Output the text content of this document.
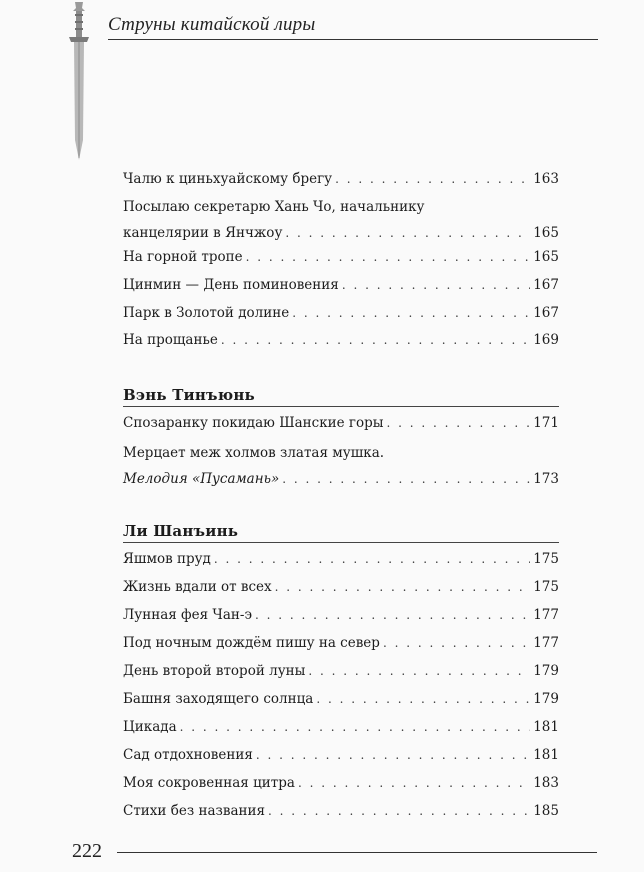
Струны китайской лиры
Чалю к циньхуайскому брегу . . .	163
Посылаю секретарю Хань Чо, начальнику
канцелярии в Янчжоу . . .	165
На горной тропе . . .	165
Цинмин — День поминовения . . .	167
Парк в Золотой долине . . .	167
На прощанье . . .	169
Вэнь Тинъюнь
Спозаранку покидаю Шанские горы . . .	171
Мерцает меж холмов златая мушка.
Мелодия «Пусамань» . . .	173
Ли Шанъинь
Яшмов пруд . . .	175
Жизнь вдали от всех . . .	175
Лунная фея Чан-э . . .	177
Под ночным дождём пишу на север . . .	177
День второй второй луны . . .	179
Башня заходящего солнца . . .	179
Цикада . . .	181
Сад отдохновения . . .	181
Моя сокровенная цитра . . .	183
Стихи без названия . . .	185
222
